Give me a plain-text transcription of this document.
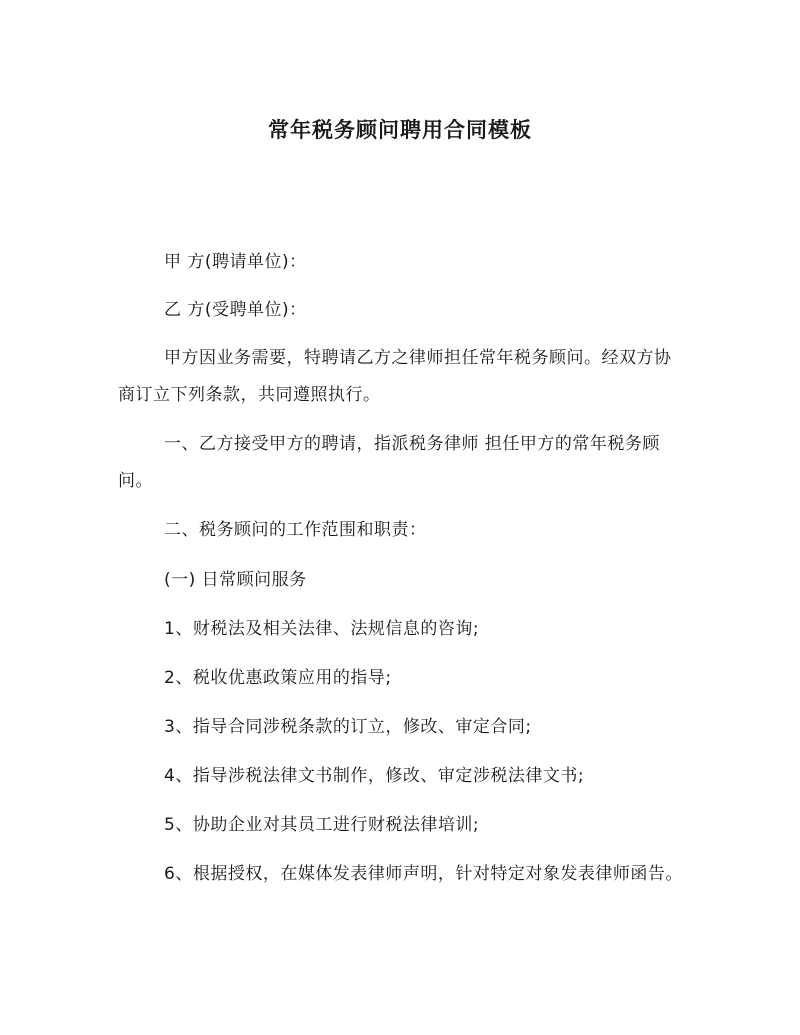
常年税务顾问聘用合同模板
甲 方(聘请单位)：
乙 方(受聘单位)：
甲方因业务需要，特聘请乙方之律师担任常年税务顾问。经双方协商订立下列条款，共同遵照执行。
一、乙方接受甲方的聘请，指派税务律师 担任甲方的常年税务顾问。
二、税务顾问的工作范围和职责：
(一) 日常顾问服务
1、财税法及相关法律、法规信息的咨询;
2、税收优惠政策应用的指导;
3、指导合同涉税条款的订立，修改、审定合同;
4、指导涉税法律文书制作，修改、审定涉税法律文书;
5、协助企业对其员工进行财税法律培训;
6、根据授权，在媒体发表律师声明，针对特定对象发表律师函告。
